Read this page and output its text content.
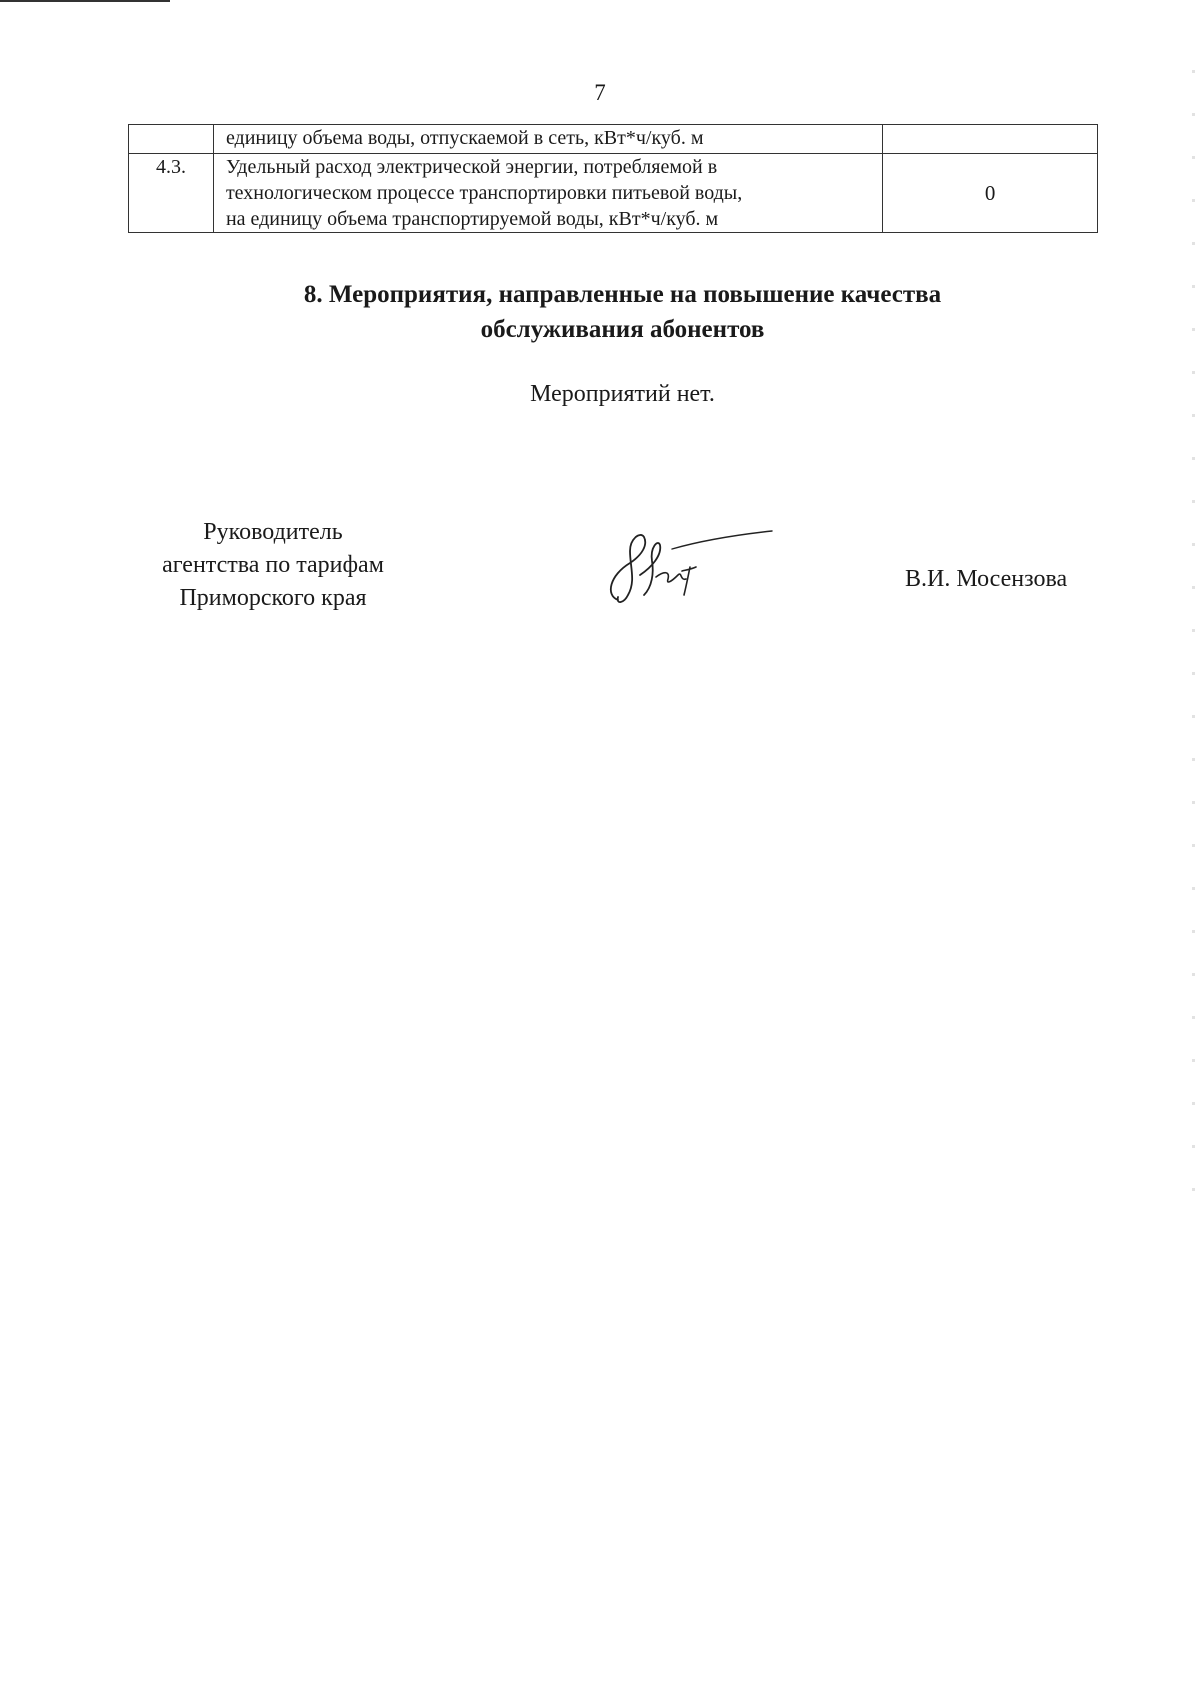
7

	единицу объема воды, отпускаемой в сеть, кВт*ч/куб. м	

4.3.	Удельный расход электрической энергии, потребляемой в
технологическом процессе транспортировки питьевой воды,
на единицу объема транспортируемой воды, кВт*ч/куб. м	0
8. Мероприятия, направленные на повышение качества
обслуживания абонентов
Мероприятий нет.
Руководитель
агентства по тарифам
Приморского края
В.И. Мосензова
